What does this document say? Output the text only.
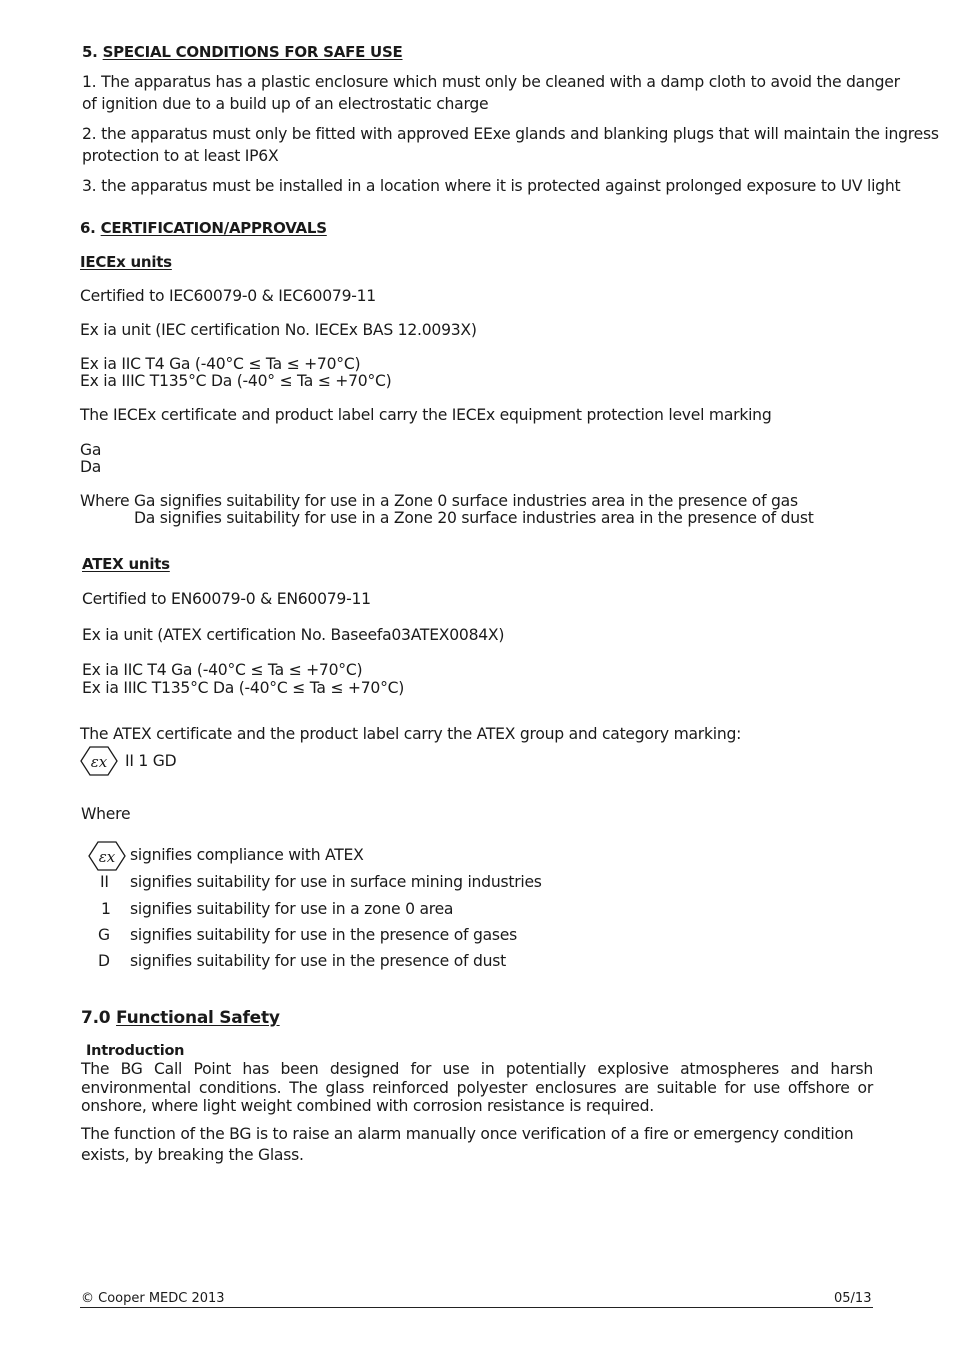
5. SPECIAL CONDITIONS FOR SAFE USE
1. The apparatus has a plastic enclosure which must only be cleaned with a damp cloth to avoid the danger
of ignition due to a build up of an electrostatic charge
2. the apparatus must only be fitted with approved EExe glands and blanking plugs that will maintain the ingress
protection to at least IP6X
3. the apparatus must be installed in a location where it is protected against prolonged exposure to UV light
6. CERTIFICATION/APPROVALS
IECEx units
Certified to IEC60079-0 & IEC60079-11
Ex ia unit (IEC certification No. IECEx BAS 12.0093X)
Ex ia IIC T4 Ga (-40°C ≤ Ta ≤ +70°C)
Ex ia IIIC T135°C Da (-40° ≤ Ta ≤ +70°C)
The IECEx certificate and product label carry the IECEx equipment protection level marking
Ga
Da
Where Ga signifies suitability for use in a Zone 0 surface industries area in the presence of gas
Da signifies suitability for use in a Zone 20 surface industries area in the presence of dust
ATEX units
Certified to EN60079-0 & EN60079-11
Ex ia unit (ATEX certification No. Baseefa03ATEX0084X)
Ex ia IIC T4 Ga (-40°C ≤ Ta ≤ +70°C)
Ex ia IIIC T135°C Da (-40°C ≤ Ta ≤ +70°C)
The ATEX certificate and the product label carry the ATEX group and category marking:
εx II 1 GD
Where
εx signifies compliance with ATEX
II signifies suitability for use in surface mining industries
1 signifies suitability for use in a zone 0 area
G signifies suitability for use in the presence of gases
D signifies suitability for use in the presence of dust
7.0 Functional Safety
Introduction
The BG Call Point has been designed for use in potentially explosive atmospheres and harsh environmental conditions. The glass reinforced polyester enclosures are suitable for use offshore or onshore, where light weight combined with corrosion resistance is required.
The function of the BG is to raise an alarm manually once verification of a fire or emergency condition exists, by breaking the Glass.
© Cooper MEDC 2013	05/13
